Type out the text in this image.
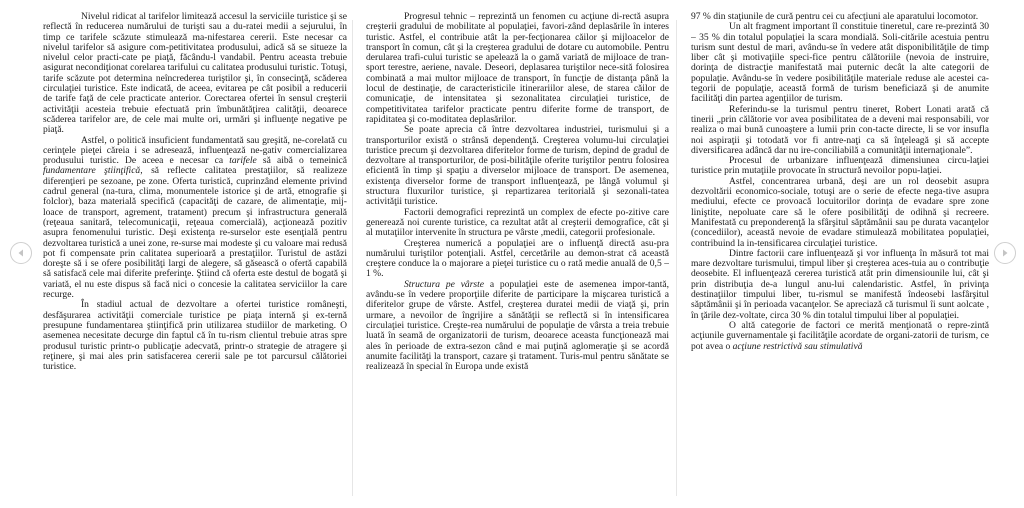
Nivelul ridicat al tarifelor limitează accesul la serviciile turistice şi se reflectă în reducerea numărului de turişti sau a du-ratei medii a sejurului, în timp ce tarifele scăzute stimulează ma-nifestarea cererii. Este necesar ca nivelul tarifelor să asigure com-petitivitatea produsului, adică să se situeze la nivelul celor practi-cate pe piaţă, făcându-l vandabil. Pentru aceasta trebuie asigurat necondiţionat corelarea tarifului cu calitatea produsului turistic. Totuşi, tarife scăzute pot determina neîncrederea turiştilor şi, în consecinţă, scăderea circulaţiei turistice. Este indicată, de aceea, evitarea pe cât posibil a reducerii de tarife faţă de cele practicate anterior. Corectarea ofertei în sensul creşterii activităţii acesteia trebuie efectuată prin îmbunătăţirea calităţii, deoarece scăderea tarifelor are, de cele mai multe ori, urmări şi influenţe negative pe piaţă.

Astfel, o politică insuficient fundamentată sau greşită, ne-corelată cu cerinţele pieţei căreia i se adresează, influenţează ne-gativ comercializarea produsului turistic. De aceea e necesar ca tarifele să aibă o temeinică fundamentare ştiinţifică, să reflecte calitatea prestaţiilor, să realizeze diferenţieri pe sezoane, pe zone. Oferta turistică, cuprinzând elemente privind cadrul general (na-tura, clima, monumentele istorice şi de artă, etnografie şi folclor), baza materială specifică (capacităţi de cazare, de alimentaţie, mij-loace de transport, agrement, tratament) precum şi infrastructura generală (reţeaua sanitară, telecomunicaţii, reţeaua comercială), acţionează pozitiv asupra fenomenului turistic. Deşi existenţa re-surselor este esenţială pentru dezvoltarea turistică a unei zone, re-surse mai modeste şi cu valoare mai redusă pot fi compensate prin calitatea superioară a prestaţiilor. Turistul de astăzi doreşte să i se ofere posibilităţi largi de alegere, să găsească o ofertă capabilă să satisfacă cele mai diferite preferinţe. Ştiind că oferta este destul de bogată şi variată, el nu este dispus să facă nici o concesie la calitatea serviciilor la care recurge.

În stadiul actual de dezvoltare a ofertei turistice româneşti, desfăşurarea activităţii comerciale turistice pe piaţa internă şi ex-ternă presupune fundamentarea ştiinţifică prin utilizarea studiilor de marketing. O asemenea necesitate decurge din faptul că în tu-rism clientul trebuie atras spre produsul turistic printr-o publicaţie adecvată, printr-o strategie de atragere şi reţinere, şi mai ales prin satisfacerea cererii sale pe tot parcursul călătoriei turistice.

Progresul tehnic – reprezintă un fenomen cu acţiune di-rectă asupra creşterii gradului de mobilitate al populaţiei, favori-zând deplasările în interes turistic. Astfel, el contribuie atât la per-fecţionarea căilor şi mijloacelor de transport în comun, cât şi la creşterea gradului de dotare cu automobile. Pentru derularea trafi-cului turistic se apelează la o gamă variată de mijloace de tran-sport terestre, aeriene, navale. Deseori, deplasarea turiştilor nece-sită folosirea combinată a mai multor mijloace de transport, în funcţie de distanţa până la locul de destinaţie, de caracteristicile itinerariilor alese, de starea căilor de comunicaţie, de intensitatea şi sezonalitatea circulaţiei turistice, de competitivitatea tarifelor practicate pentru diferite forme de transport, de rapiditatea şi co-moditatea deplasărilor.

Se poate aprecia că între dezvoltarea industriei, turismului şi a transporturilor există o strânsă dependenţă. Creşterea volumu-lui circulaţiei turistice precum şi dezvoltarea diferitelor forme de turism, depind de gradul de dezvoltare al transporturilor, de posi-bilităţile oferite turiştilor pentru folosirea eficientă în timp şi spaţiu a diverselor mijloace de transport. De asemenea, existenţa diverselor forme de transport influenţează, pe lângă volumul şi structura fluxurilor turistice, şi repartizarea teritorială şi sezonali-tatea activităţii turistice.

Factorii demografici reprezintă un complex de efecte po-zitive care generează noi curente turistice, ca rezultat atât al creşterii demografice, cât şi al mutaţiilor intervenite în structura pe vârste ,medii, categorii profesionale.

Creşterea numerică a populaţiei are o influenţă directă asu-pra numărului turiştilor potenţiali. Astfel, cercetările au demon-strat că această creştere conduce la o majorare a pieţei turistice cu o rată medie anuală de 0,5 – 1 %.

Structura pe vârste a populaţiei este de asemenea impor-tantă, avându-se în vedere proporţiile diferite de participare la mişcarea turistică a diferitelor grupe de vârste. Astfel, creşterea duratei medii de viaţă şi, prin urmare, a nevoilor de îngrijire a sănătăţii se reflectă si în intensificarea circulaţiei turistice. Creşte-rea numărului de populaţie de vârsta a treia trebuie luată în seamă de organizatorii de turism, deoarece aceasta funcţionează mai ales în perioade de extra-sezon când e mai puţină aglomeraţie şi se acordă anumite facilităţi la transport, cazare şi tratament. Turis-mul pentru sănătate se realizează în special în Europa unde există

97 % din staţiunile de cură pentru cei cu afecţiuni ale aparatului locomotor.

Un alt fragment important îl constituie tineretul, care re-prezintă 30 – 35 % din totalul populaţiei la scara mondială. Soli-citările acestuia pentru turism sunt destul de mari, avându-se în vedere atât disponibilităţile de timp liber cât şi motivaţiile speci-fice pentru călătoriile (nevoia de instruire, dorinţa de distracţie manifestată mai puternic decât la alte categorii de populaţie. Avându-se în vedere posibilităţile materiale reduse ale acestei ca-tegorii de populaţie, această formă de turism beneficiază şi de anumite facilităţi din partea agenţiilor de turism.

Referindu-se la turismul pentru tineret, Robert Lonati arată că tinerii „prin călătorie vor avea posibilitatea de a deveni mai responsabili, vor realiza o mai bună cunoaştere a lumii prin con-tacte directe, li se vor insufla noi aspiraţii şi totodată vor fi antre-naţi ca să înţeleagă şi să accepte diversificarea adâncă dar nu ire-conciliabilă a comunităţii internaţionale”.

Procesul de urbanizare influenţează dimensiunea circu-laţiei turistice prin mutaţiile provocate în structură nevoilor popu-laţiei.

Astfel, concentrarea urbană, deşi are un rol deosebit asupra dezvoltării economico-sociale, totuşi are o serie de efecte nega-tive asupra mediului, efecte ce provoacă locuitorilor dorinţa de evadare spre zone liniştite, nepoluate care să le ofere posibilităţi de odihnă şi recreere. Manifestată cu preponderenţă la sfârşitul săptămânii sau pe durata vacanţelor (concediilor), această nevoie de evadare stimulează mobilitatea populaţiei, contribuind la in-tensificarea circulaţiei turistice.

Dintre factorii care influenţează şi vor influenţa în măsură tot mai mare dezvoltare turismului, timpul liber şi creşterea aces-tuia au o contribuţie deosebite. El influenţează cererea turistică atât prin dimensiounile lui, cât şi prin distribuţia de-a lungul anu-lui calendaristic. Astfel, în privinţa destinaţiilor timpului liber, tu-rismul se manifestă îndeosebi lasfârşitul săptămânii şi în perioada vacanţelor. Se apreciază că turismul îi sunt aolcate , în ţările dez-voltate, circa 30 % din totalul timpului liber al populaţiei.

O altă categorie de factori ce merită menţionată o repre-zintă acţiunile guvernamentale şi facilităţile acordate de organi-zatorii de turism, ce pot avea o acţiune restrictivă sau stimulativă
